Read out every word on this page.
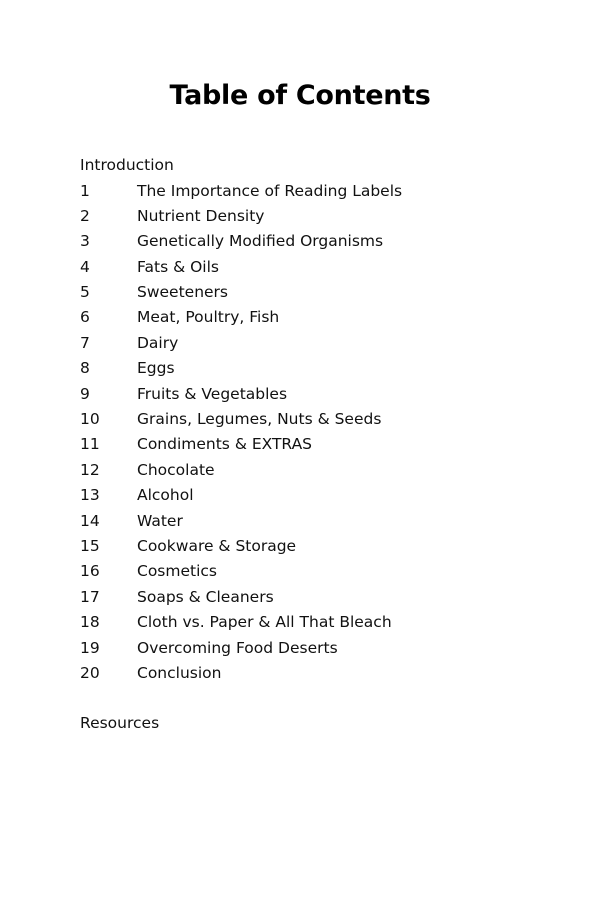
Table of Contents

Introduction

1	The Importance of Reading Labels
2	Nutrient Density
3	Genetically Modified Organisms
4	Fats & Oils
5	Sweeteners
6	Meat, Poultry, Fish
7	Dairy
8	Eggs
9	Fruits & Vegetables
10	Grains, Legumes, Nuts & Seeds
11	Condiments & EXTRAS
12	Chocolate
13	Alcohol
14	Water
15	Cookware & Storage
16	Cosmetics
17	Soaps & Cleaners
18	Cloth vs. Paper & All That Bleach
19	Overcoming Food Deserts
20	Conclusion

Resources
